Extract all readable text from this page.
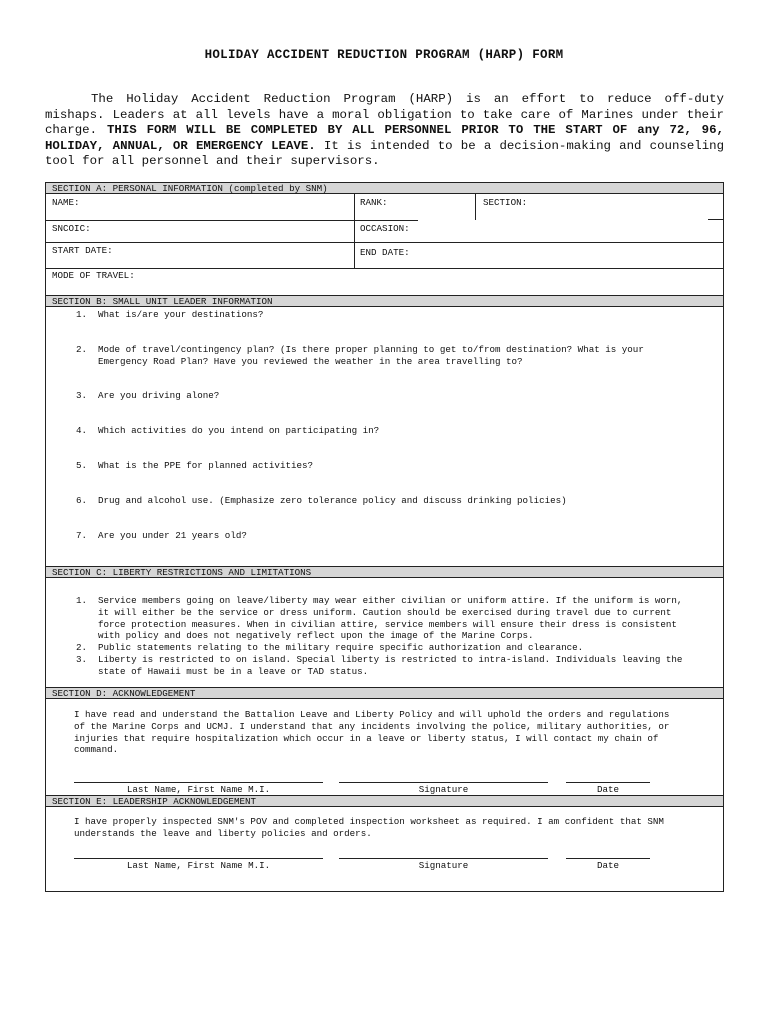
HOLIDAY ACCIDENT REDUCTION PROGRAM (HARP) FORM
The Holiday Accident Reduction Program (HARP) is an effort to reduce off-duty mishaps. Leaders at all levels have a moral obligation to take care of Marines under their charge. THIS FORM WILL BE COMPLETED BY ALL PERSONNEL PRIOR TO THE START OF any 72, 96, HOLIDAY, ANNUAL, OR EMERGENCY LEAVE. It is intended to be a decision-making and counseling tool for all personnel and their supervisors.
SECTION A: PERSONAL INFORMATION (completed by SNM)
NAME:	RANK:	SECTION:
SNCOIC:	OCCASION:
START DATE:	END DATE:
MODE OF TRAVEL:
SECTION B: SMALL UNIT LEADER INFORMATION
1. What is/are your destinations?
2. Mode of travel/contingency plan? (Is there proper planning to get to/from destination? What is your Emergency Road Plan? Have you reviewed the weather in the area travelling to?
3. Are you driving alone?
4. Which activities do you intend on participating in?
5. What is the PPE for planned activities?
6. Drug and alcohol use. (Emphasize zero tolerance policy and discuss drinking policies)
7. Are you under 21 years old?
SECTION C: LIBERTY RESTRICTIONS AND LIMITATIONS
1. Service members going on leave/liberty may wear either civilian or uniform attire. If the uniform is worn, it will either be the service or dress uniform. Caution should be exercised during travel due to current force protection measures. When in civilian attire, service members will ensure their dress is consistent with policy and does not negatively reflect upon the image of the Marine Corps.
2. Public statements relating to the military require specific authorization and clearance.
3. Liberty is restricted to on island. Special liberty is restricted to intra-island. Individuals leaving the state of Hawaii must be in a leave or TAD status.
SECTION D: ACKNOWLEDGEMENT
I have read and understand the Battalion Leave and Liberty Policy and will uphold the orders and regulations of the Marine Corps and UCMJ. I understand that any incidents involving the police, military authorities, or injuries that require hospitalization which occur in a leave or liberty status, I will contact my chain of command.
Last Name, First Name M.I.	Signature	Date
SECTION E: LEADERSHIP ACKNOWLEDGEMENT
I have properly inspected SNM's POV and completed inspection worksheet as required. I am confident that SNM understands the leave and liberty policies and orders.
Last Name, First Name M.I.	Signature	Date
